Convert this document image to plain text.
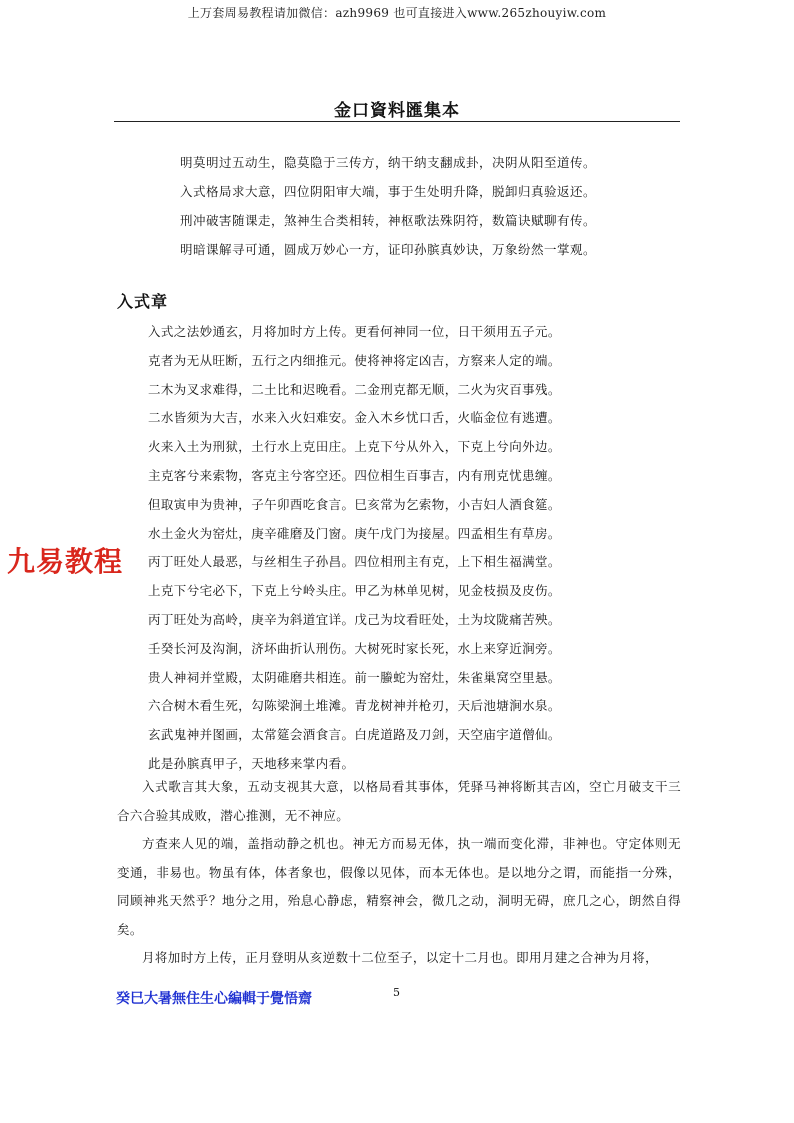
上万套周易教程请加微信：azh9969 也可直接进入www.265zhouyiw.com
金口資料匯集本
明莫明过五动生，隐莫隐于三传方，纳干纳支翻成卦，决阴从阳至道传。
入式格局求大意，四位阴阳审大端，事于生处明升降，脱卸归真验返还。
刑冲破害随课走，煞神生合类相转，神枢歌法殊阴符，数篇诀赋聊有传。
明暗课解寻可通，圆成万妙心一方，证印孙膑真妙诀，万象纷然一掌观。
入式章
入式之法妙通玄，月将加时方上传。更看何神同一位，日干须用五子元。
克者为无从旺断，五行之内细推元。使将神将定凶吉，方察来人定的端。
二木为叉求难得，二土比和迟晚看。二金刑克都无顺，二火为灾百事残。
二水皆须为大吉，水来入火妇难安。金入木乡忧口舌，火临金位有逃遭。
火来入土为刑狱，土行水上克田庄。上克下兮从外入，下克上兮向外边。
主克客兮来索物，客克主兮客空还。四位相生百事吉，内有刑克忧患缠。
但取寅申为贵神，子午卯酉吃食言。巳亥常为乞索物，小吉妇人酒食筵。
水土金火为窑灶，庚辛碓磨及门窗。庚午戊门为接屋。四孟相生有草房。
丙丁旺处人最恶，与丝相生子孙昌。四位相刑主有克，上下相生福满堂。
上克下兮宅必下，下克上兮岭头庄。甲乙为林单见树，见金枝损及皮伤。
丙丁旺处为高岭，庚辛为斜道宜详。戊己为坟看旺处，土为坟陇痛苦殃。
壬癸长河及沟涧，济坏曲折认刑伤。大树死时家长死，水上来穿近涧旁。
贵人神祠并堂殿，太阴碓磨共相连。前一螣蛇为窑灶，朱雀巢窝空里悬。
六合树木看生死，勾陈梁涧土堆滩。青龙树神并枪刃，天后池塘涧水泉。
玄武鬼神并图画，太常筵会酒食言。白虎道路及刀剑，天空庙宇道僧仙。
此是孙膑真甲子，天地移来掌内看。

入式歌言其大象，五动支视其大意，以格局看其事体，凭驿马神将断其吉凶，空亡月破支干三合六合验其成败，潜心推测，无不神应。

方查来人见的端，盖指动静之机也。神无方而易无体，执一端而变化滞，非神也。守定体则无变通，非易也。物虽有体，体者象也，假像以见体，而本无体也。是以地分之谓，而能指一分殊，同顾神兆天然乎？地分之用，殆息心静虑，精察神会，微几之动，洞明无碍，庶几之心，朗然自得矣。

月将加时方上传，正月登明从亥逆数十二位至子，以定十二月也。即用月建之合神为月将，

九易教程
癸巳大暑無住生心編輯于覺悟齋	5
